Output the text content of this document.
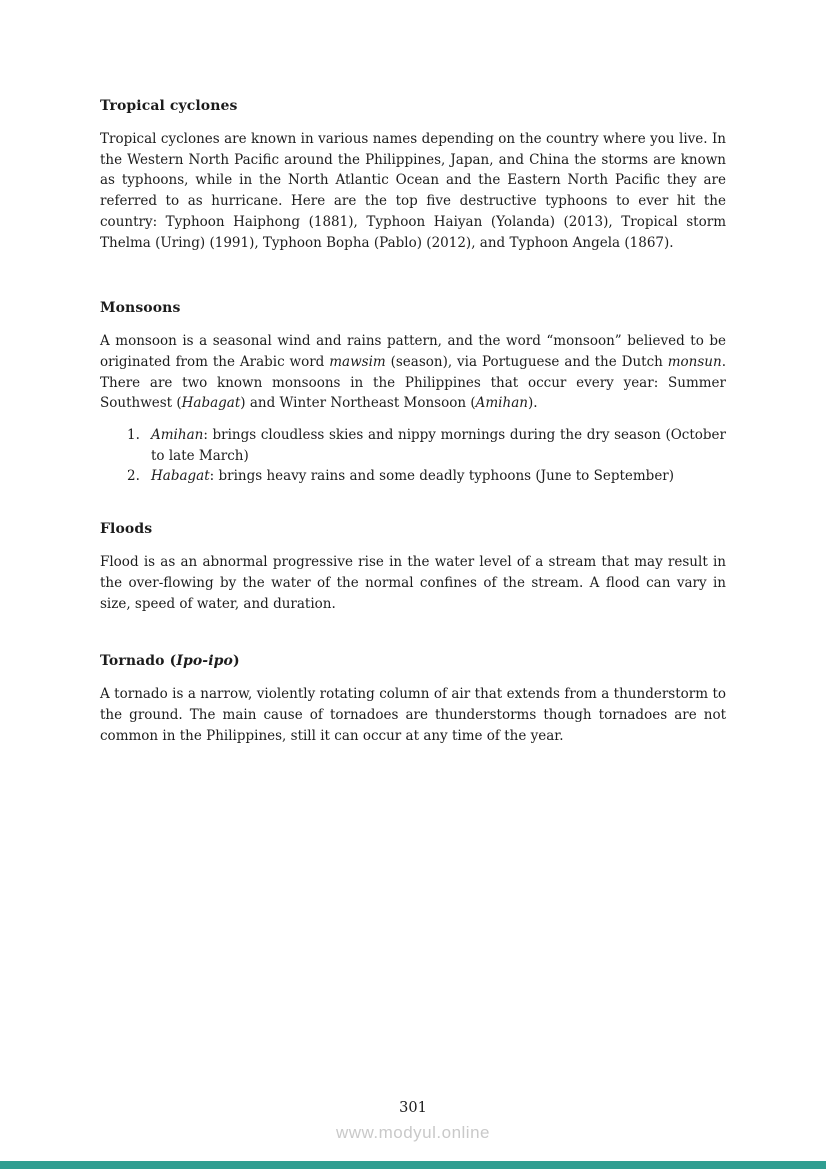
Tropical cyclones

Tropical cyclones are known in various names depending on the country where you live. In the Western North Pacific around the Philippines, Japan, and China the storms are known as typhoons, while in the North Atlantic Ocean and the Eastern North Pacific they are referred to as hurricane. Here are the top five destructive typhoons to ever hit the country: Typhoon Haiphong (1881), Typhoon Haiyan (Yolanda) (2013), Tropical storm Thelma (Uring) (1991), Typhoon Bopha (Pablo) (2012), and Typhoon Angela (1867).

Monsoons

A monsoon is a seasonal wind and rains pattern, and the word “monsoon” believed to be originated from the Arabic word mawsim (season), via Portuguese and the Dutch monsun. There are two known monsoons in the Philippines that occur every year: Summer Southwest (Habagat) and Winter Northeast Monsoon (Amihan).

1. Amihan: brings cloudless skies and nippy mornings during the dry season (October to late March)
2. Habagat: brings heavy rains and some deadly typhoons (June to September)
Floods

Flood is as an abnormal progressive rise in the water level of a stream that may result in the over-flowing by the water of the normal confines of the stream. A flood can vary in size, speed of water, and duration.

Tornado (Ipo-ipo)

A tornado is a narrow, violently rotating column of air that extends from a thunderstorm to the ground. The main cause of tornadoes are thunderstorms though tornadoes are not common in the Philippines, still it can occur at any time of the year.

301
www.modyul.online
